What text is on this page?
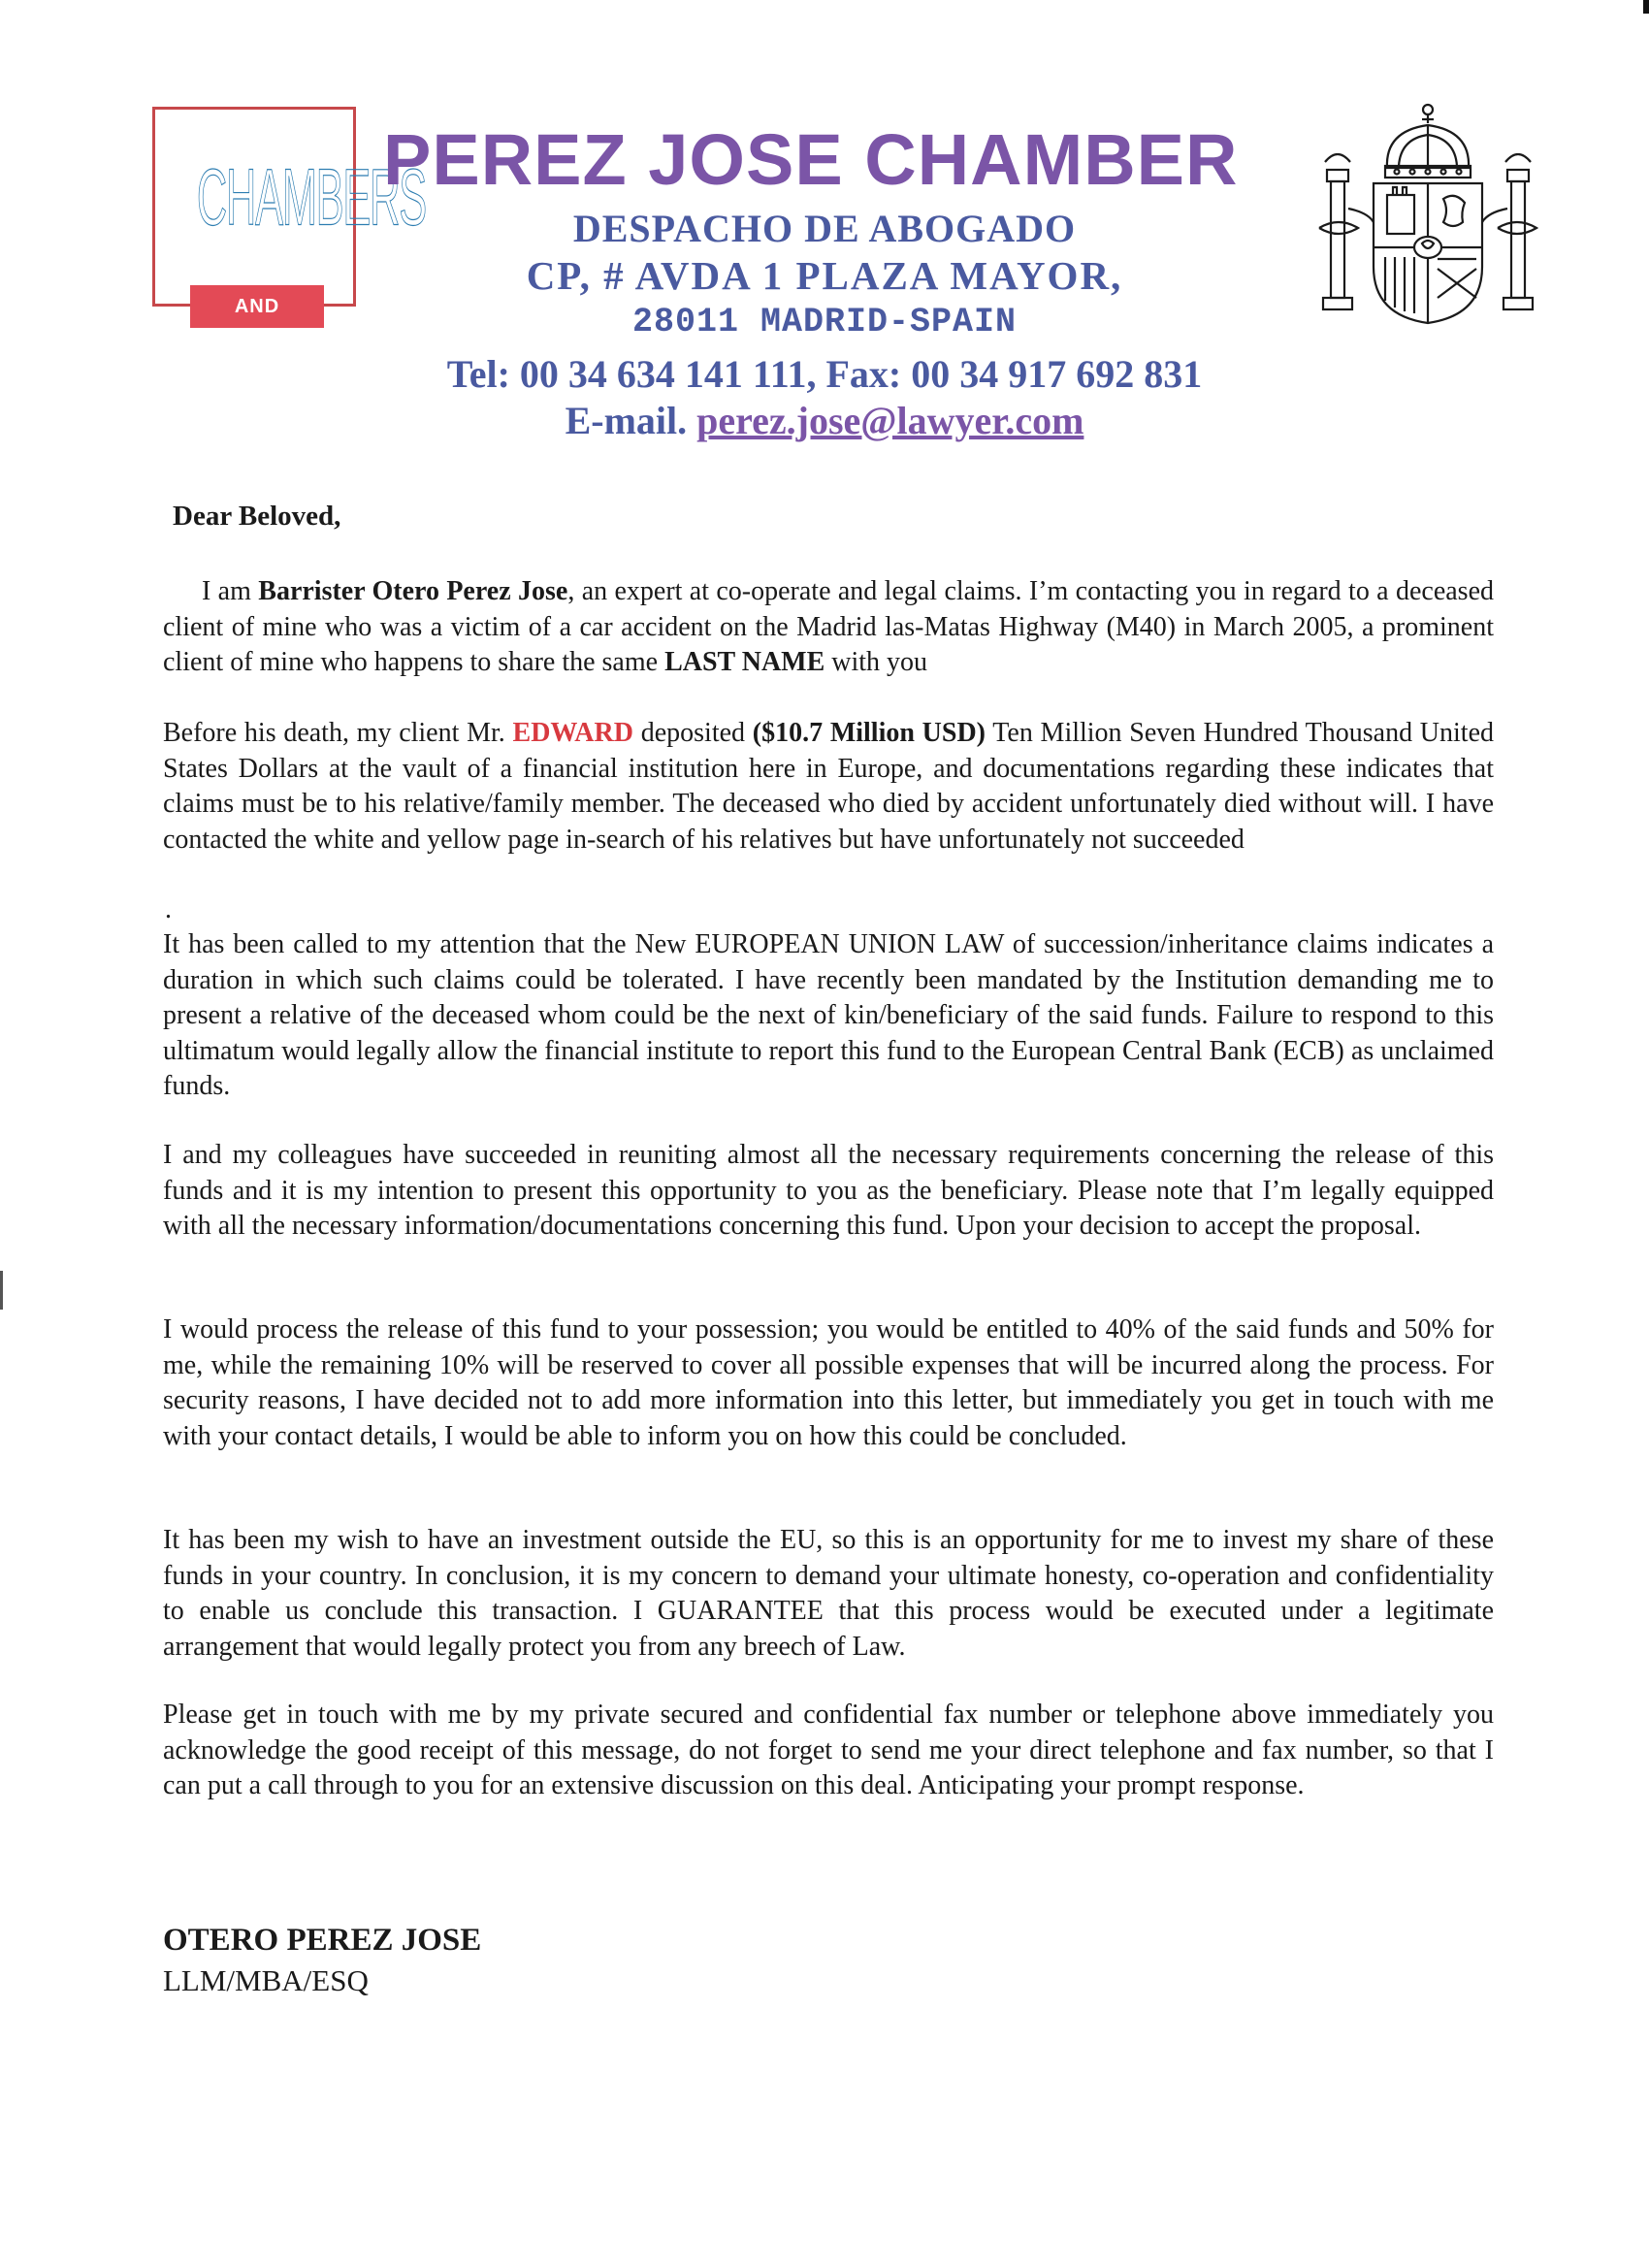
CHAMBERS
AND PARTNERS
PEREZ JOSE CHAMBER
DESPACHO DE ABOGADO
CP, # AVDA 1 PLAZA MAYOR,
28011 MADRID-SPAIN
Tel: 00 34 634 141 111, Fax: 00 34 917 692 831
E-mail. perez.jose@lawyer.com
Dear Beloved,
I am Barrister Otero Perez Jose, an expert at co-operate and legal claims. I’m contacting you in regard to a deceased client of mine who was a victim of a car accident on the Madrid las-Matas Highway (M40) in March 2005, a prominent client of mine who happens to share the same LAST NAME with you
Before his death, my client Mr. EDWARD deposited ($10.7 Million USD) Ten Million Seven Hundred Thousand United States Dollars at the vault of a financial institution here in Europe, and documentations regarding these indicates that claims must be to his relative/family member. The deceased who died by accident unfortunately died without will. I have contacted the white and yellow page in-search of his relatives but have unfortunately not succeeded
.
It has been called to my attention that the New EUROPEAN UNION LAW of succession/inheritance claims indicates a duration in which such claims could be tolerated. I have recently been mandated by the Institution demanding me to present a relative of the deceased whom could be the next of kin/beneficiary of the said funds. Failure to respond to this ultimatum would legally allow the financial institute to report this fund to the European Central Bank (ECB) as unclaimed funds.
I and my colleagues have succeeded in reuniting almost all the necessary requirements concerning the release of this funds and it is my intention to present this opportunity to you as the beneficiary. Please note that I’m legally equipped with all the necessary information/documentations concerning this fund. Upon your decision to accept the proposal.
I would process the release of this fund to your possession; you would be entitled to 40% of the said funds and 50% for me, while the remaining 10% will be reserved to cover all possible expenses that will be incurred along the process. For security reasons, I have decided not to add more information into this letter, but immediately you get in touch with me with your contact details, I would be able to inform you on how this could be concluded.
It has been my wish to have an investment outside the EU, so this is an opportunity for me to invest my share of these funds in your country. In conclusion, it is my concern to demand your ultimate honesty, co-operation and confidentiality to enable us conclude this transaction. I GUARANTEE that this process would be executed under a legitimate arrangement that would legally protect you from any breech of Law.
Please get in touch with me by my private secured and confidential fax number or telephone above immediately you acknowledge the good receipt of this message, do not forget to send me your direct telephone and fax number, so that I can put a call through to you for an extensive discussion on this deal. Anticipating your prompt response.
OTERO PEREZ JOSE
LLM/MBA/ESQ
